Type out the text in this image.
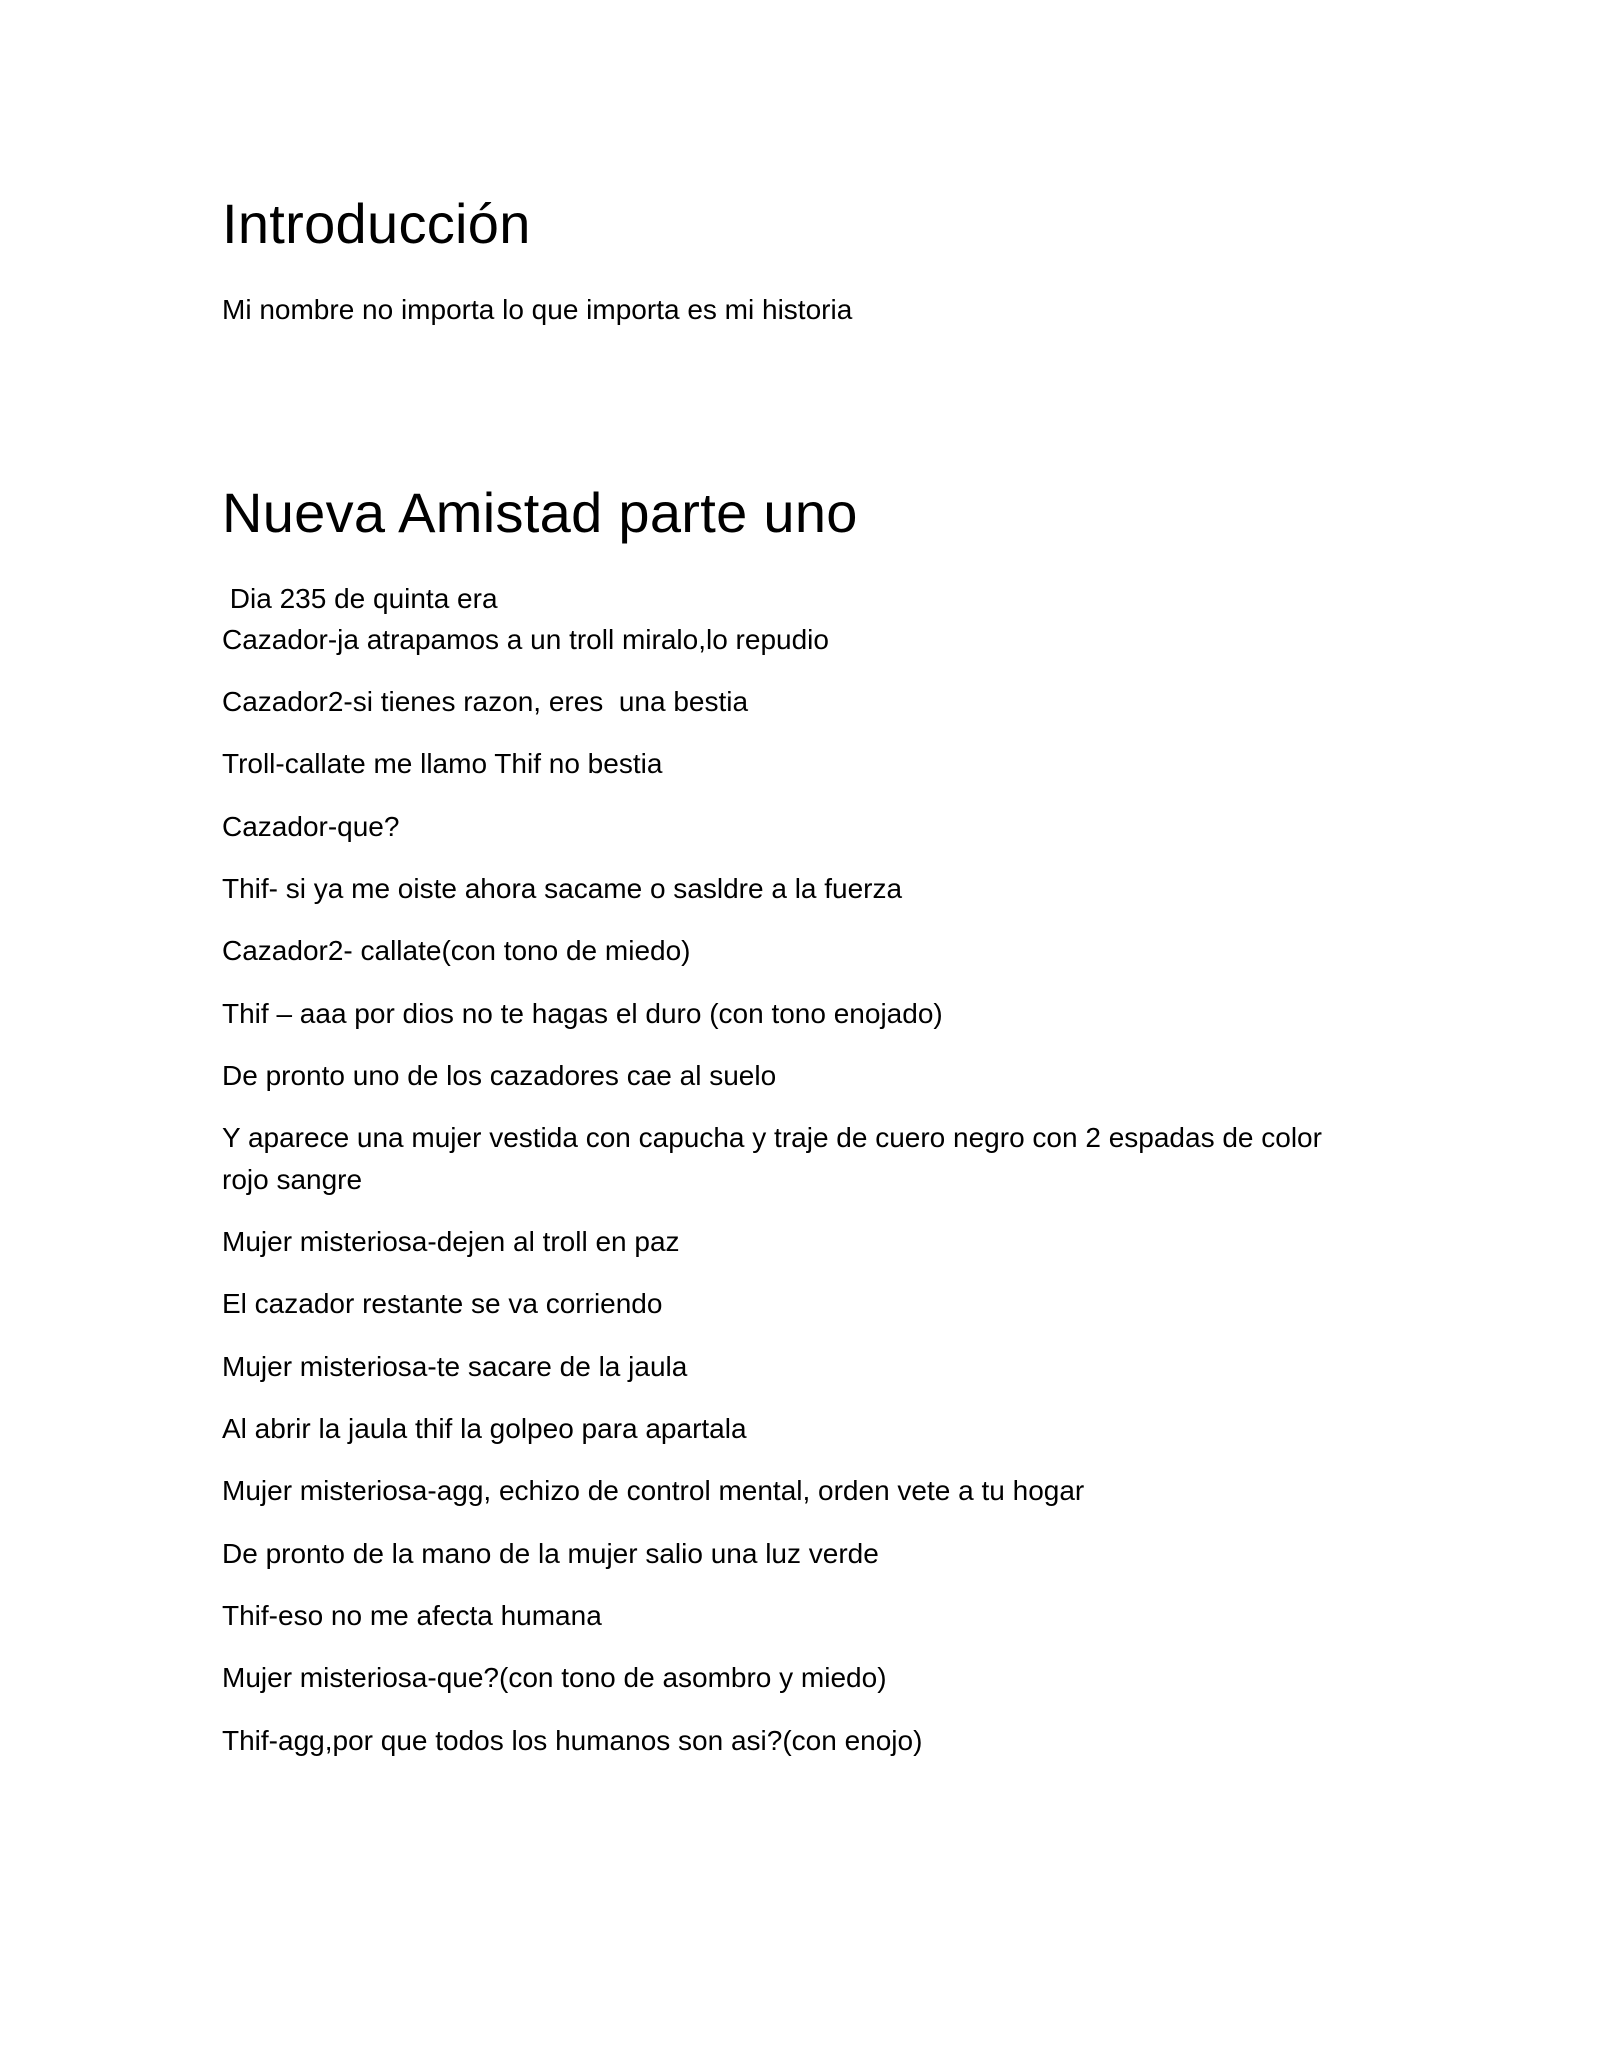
Introducción

Mi nombre no importa lo que importa es mi historia

Nueva Amistad parte uno

Dia 235 de quinta era

Cazador-ja atrapamos a un troll miralo,lo repudio

Cazador2-si tienes razon, eres  una bestia

Troll-callate me llamo Thif no bestia

Cazador-que?

Thif- si ya me oiste ahora sacame o sasldre a la fuerza

Cazador2- callate(con tono de miedo)

Thif – aaa por dios no te hagas el duro (con tono enojado)

De pronto uno de los cazadores cae al suelo

Y aparece una mujer vestida con capucha y traje de cuero negro con 2 espadas de color rojo sangre

Mujer misteriosa-dejen al troll en paz

El cazador restante se va corriendo

Mujer misteriosa-te sacare de la jaula

Al abrir la jaula thif la golpeo para apartala

Mujer misteriosa-agg, echizo de control mental, orden vete a tu hogar

De pronto de la mano de la mujer salio una luz verde

Thif-eso no me afecta humana

Mujer misteriosa-que?(con tono de asombro y miedo)

Thif-agg,por que todos los humanos son asi?(con enojo)
